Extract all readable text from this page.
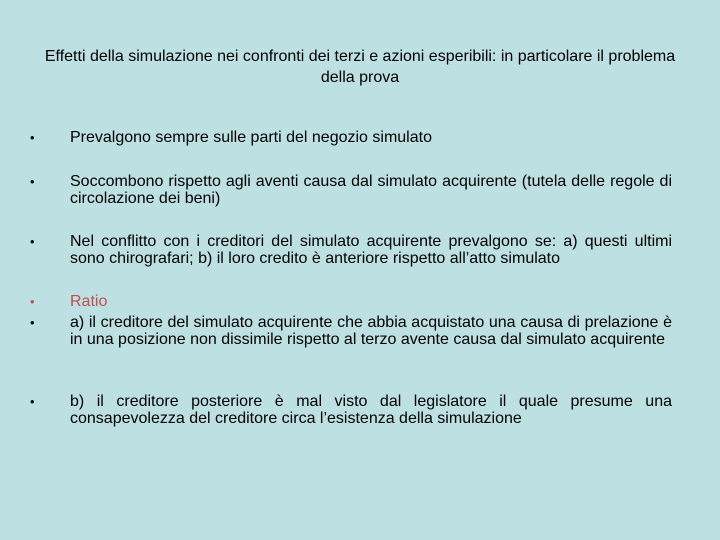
Effetti della simulazione nei confronti dei terzi e azioni esperibili: in particolare il problema della prova
•	Prevalgono sempre sulle parti del negozio simulato
•	Soccombono rispetto agli aventi causa dal simulato acquirente (tutela delle regole di circolazione dei beni)
•	Nel conflitto con i creditori del simulato acquirente prevalgono se: a) questi ultimi sono chirografari; b) il loro credito è anteriore rispetto all’atto simulato
•	Ratio
•	a) il creditore del simulato acquirente che abbia acquistato una causa di prelazione è in una posizione non dissimile rispetto al terzo avente causa dal simulato acquirente
•	b) il creditore posteriore è mal visto dal legislatore il quale presume una consapevolezza del creditore circa l’esistenza della simulazione
